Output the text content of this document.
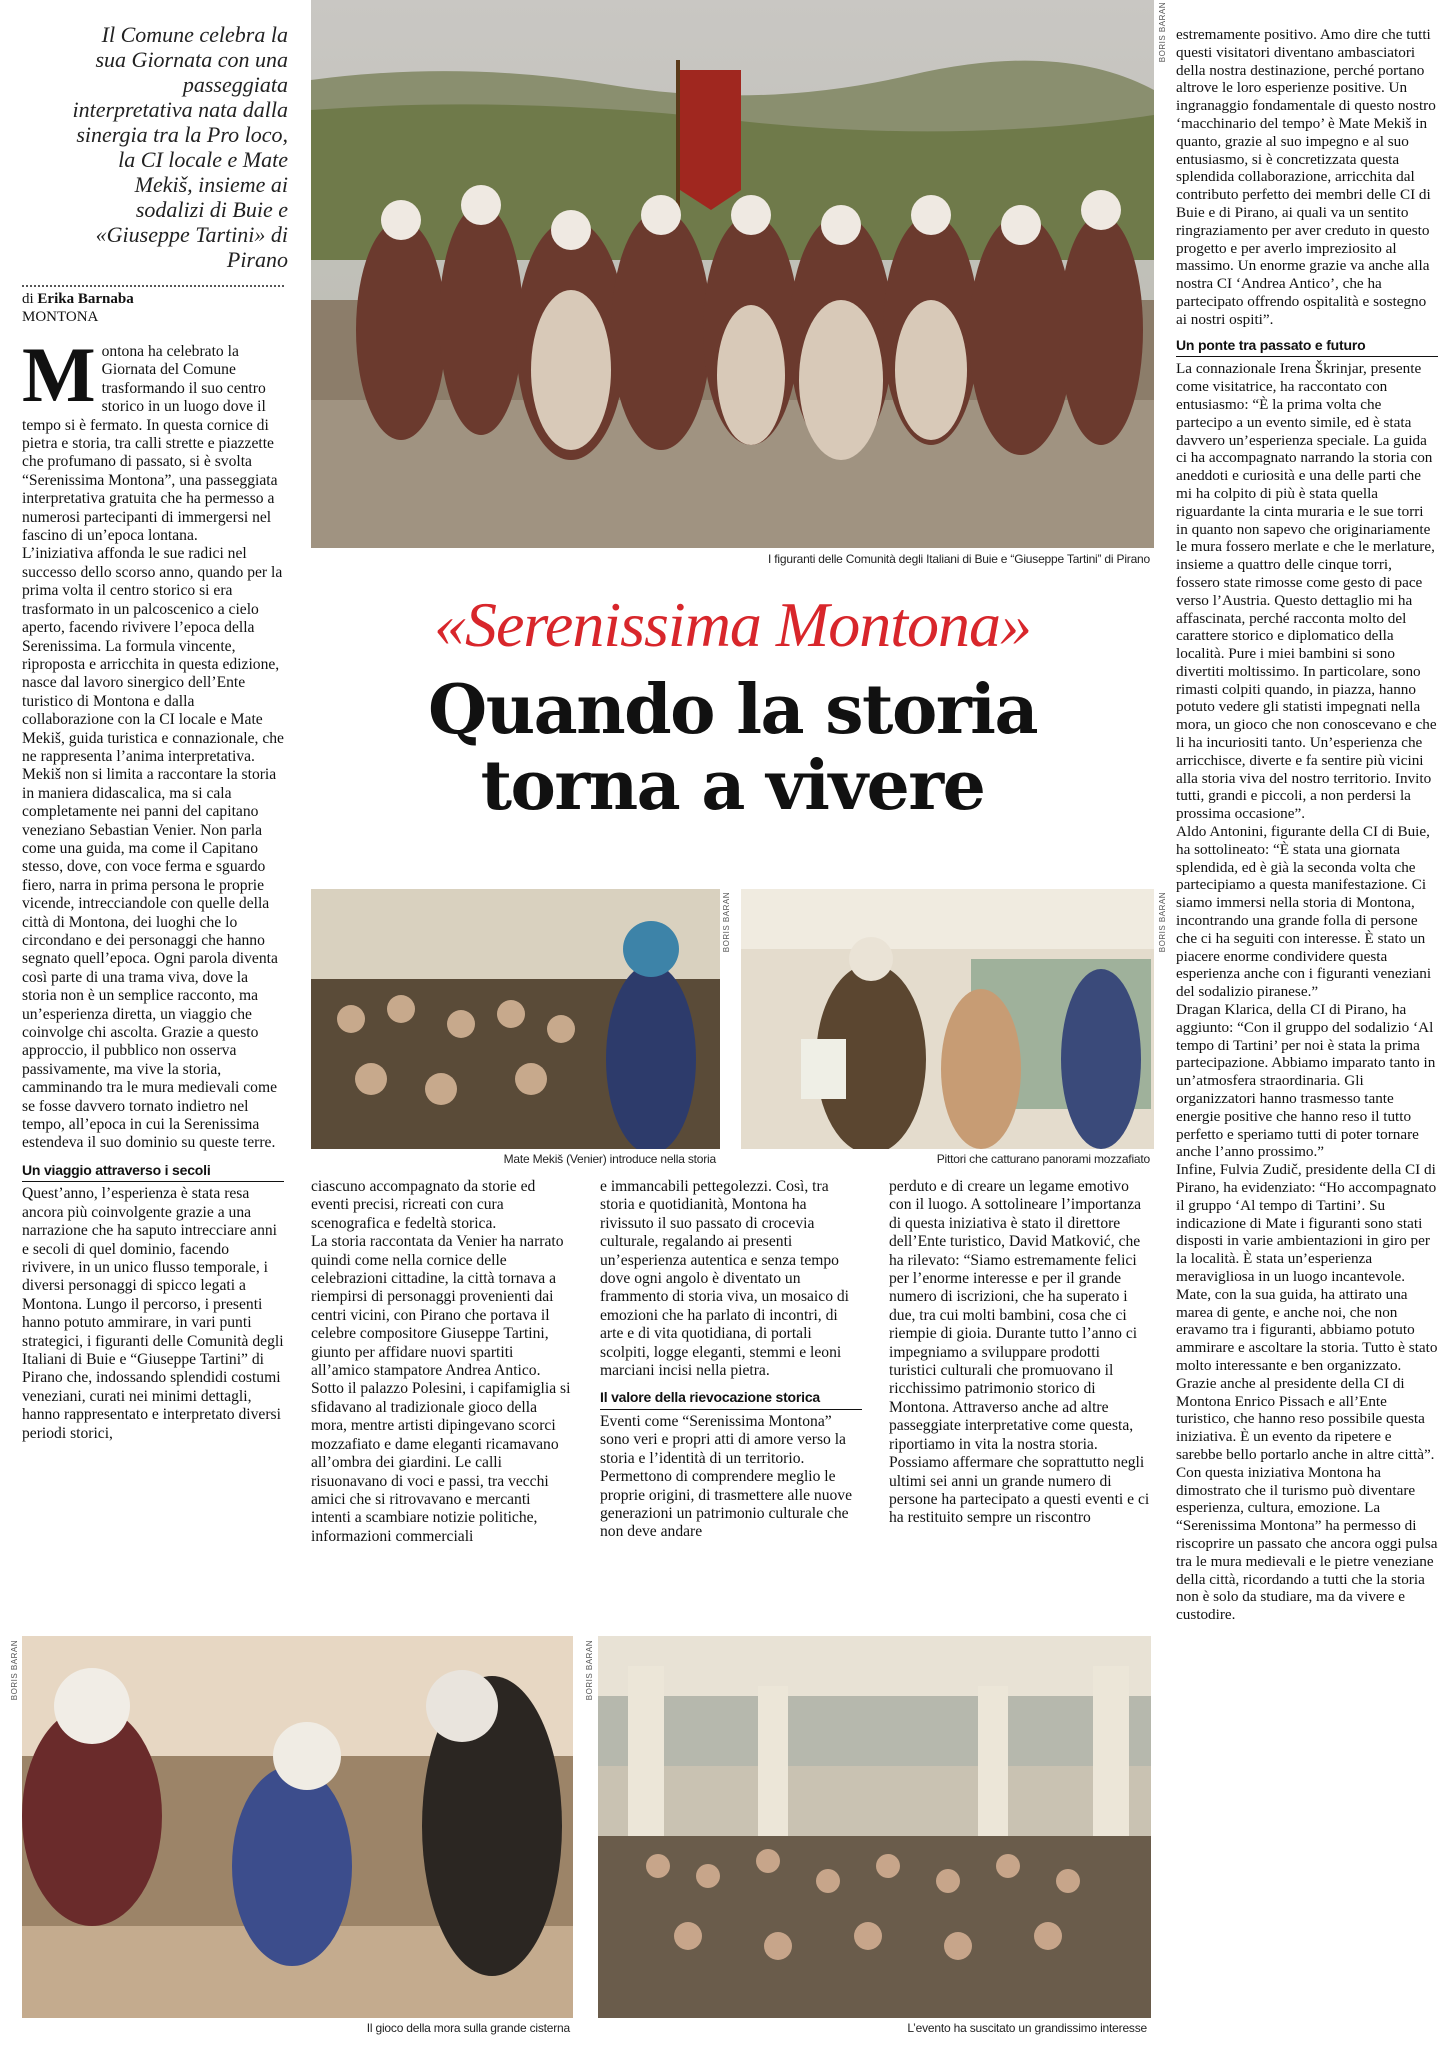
Il Comune celebra la sua Giornata con una passeggiata interpretativa nata dalla sinergia tra la Pro loco, la CI locale e Mate Mekiš, insieme ai sodalizi di Buie e «Giuseppe Tartini» di Pirano
di Erika Barnaba
MONTONA
I figuranti delle Comunità degli Italiani di Buie e “Giuseppe Tartini” di Pirano
BORIS BARAN
«Serenissima Montona»
Quando la storia
torna a vivere
BORIS BARAN
Mate Mekiš (Venier) introduce nella storia
BORIS BARAN
Pittori che catturano panorami mozzafiato
M ontona ha celebrato la Giornata del Comune trasformando il suo centro storico in un luogo dove il tempo si è fermato. In questa cornice di pietra e storia, tra calli strette e piazzette che profumano di passato, si è svolta “Serenissima Montona”, una passeggiata interpretativa gratuita che ha permesso a numerosi partecipanti di immergersi nel fascino di un’epoca lontana.

L’iniziativa affonda le sue radici nel successo dello scorso anno, quando per la prima volta il centro storico si era trasformato in un palcoscenico a cielo aperto, facendo rivivere l’epoca della Serenissima. La formula vincente, riproposta e arricchita in questa edizione, nasce dal lavoro sinergico dell’Ente turistico di Montona e dalla collaborazione con la CI locale e Mate Mekiš, guida turistica e connazionale, che ne rappresenta l’anima interpretativa.

Mekiš non si limita a raccontare la storia in maniera didascalica, ma si cala completamente nei panni del capitano veneziano Sebastian Venier. Non parla come una guida, ma come il Capitano stesso, dove, con voce ferma e sguardo fiero, narra in prima persona le proprie vicende, intrecciandole con quelle della città di Montona, dei luoghi che lo circondano e dei personaggi che hanno segnato quell’epoca. Ogni parola diventa così parte di una trama viva, dove la storia non è un semplice racconto, ma un’esperienza diretta, un viaggio che coinvolge chi ascolta. Grazie a questo approccio, il pubblico non osserva passivamente, ma vive la storia, camminando tra le mura medievali come se fosse davvero tornato indietro nel tempo, all’epoca in cui la Serenissima estendeva il suo dominio su queste terre.

Un viaggio attraverso i secoli

Quest’anno, l’esperienza è stata resa ancora più coinvolgente grazie a una narrazione che ha saputo intrecciare anni e secoli di quel dominio, facendo rivivere, in un unico flusso temporale, i diversi personaggi di spicco legati a Montona. Lungo il percorso, i presenti hanno potuto ammirare, in vari punti strategici, i figuranti delle Comunità degli Italiani di Buie e “Giuseppe Tartini” di Pirano che, indossando splendidi costumi veneziani, curati nei minimi dettagli, hanno rappresentato e interpretato diversi periodi storici,

ciascuno accompagnato da storie ed eventi precisi, ricreati con cura scenografica e fedeltà storica.

La storia raccontata da Venier ha narrato quindi come nella cornice delle celebrazioni cittadine, la città tornava a riempirsi di personaggi provenienti dai centri vicini, con Pirano che portava il celebre compositore Giuseppe Tartini, giunto per affidare nuovi spartiti all’amico stampatore Andrea Antico. Sotto il palazzo Polesini, i capifamiglia si sfidavano al tradizionale gioco della mora, mentre artisti dipingevano scorci mozzafiato e dame eleganti ricamavano all’ombra dei giardini. Le calli risuonavano di voci e passi, tra vecchi amici che si ritrovavano e mercanti intenti a scambiare notizie politiche, informazioni commerciali

e immancabili pettegolezzi. Così, tra storia e quotidianità, Montona ha rivissuto il suo passato di crocevia culturale, regalando ai presenti un’esperienza autentica e senza tempo dove ogni angolo è diventato un frammento di storia viva, un mosaico di emozioni che ha parlato di incontri, di arte e di vita quotidiana, di portali scolpiti, logge eleganti, stemmi e leoni marciani incisi nella pietra.

Il valore della rievocazione storica

Eventi come “Serenissima Montona” sono veri e propri atti di amore verso la storia e l’identità di un territorio. Permettono di comprendere meglio le proprie origini, di trasmettere alle nuove generazioni un patrimonio culturale che non deve andare

perduto e di creare un legame emotivo con il luogo. A sottolineare l’importanza di questa iniziativa è stato il direttore dell’Ente turistico, David Matković, che ha rilevato: “Siamo estremamente felici per l’enorme interesse e per il grande numero di iscrizioni, che ha superato i due, tra cui molti bambini, cosa che ci riempie di gioia. Durante tutto l’anno ci impegniamo a sviluppare prodotti turistici culturali che promuovano il ricchissimo patrimonio storico di Montona. Attraverso anche ad altre passeggiate interpretative come questa, riportiamo in vita la nostra storia. Possiamo affermare che soprattutto negli ultimi sei anni un grande numero di persone ha partecipato a questi eventi e ci ha restituito sempre un riscontro

estremamente positivo. Amo dire che tutti questi visitatori diventano ambasciatori della nostra destinazione, perché portano altrove le loro esperienze positive. Un ingranaggio fondamentale di questo nostro ‘macchinario del tempo’ è Mate Mekiš in quanto, grazie al suo impegno e al suo entusiasmo, si è concretizzata questa splendida collaborazione, arricchita dal contributo perfetto dei membri delle CI di Buie e di Pirano, ai quali va un sentito ringraziamento per aver creduto in questo progetto e per averlo impreziosito al massimo. Un enorme grazie va anche alla nostra CI ‘Andrea Antico’, che ha partecipato offrendo ospitalità e sostegno ai nostri ospiti”.

Un ponte tra passato e futuro

La connazionale Irena Škrinjar, presente come visitatrice, ha raccontato con entusiasmo: “È la prima volta che partecipo a un evento simile, ed è stata davvero un’esperienza speciale. La guida ci ha accompagnato narrando la storia con aneddoti e curiosità e una delle parti che mi ha colpito di più è stata quella riguardante la cinta muraria e le sue torri in quanto non sapevo che originariamente le mura fossero merlate e che le merlature, insieme a quattro delle cinque torri, fossero state rimosse come gesto di pace verso l’Austria. Questo dettaglio mi ha affascinata, perché racconta molto del carattere storico e diplomatico della località. Pure i miei bambini si sono divertiti moltissimo. In particolare, sono rimasti colpiti quando, in piazza, hanno potuto vedere gli statisti impegnati nella mora, un gioco che non conoscevano e che li ha incuriositi tanto. Un’esperienza che arricchisce, diverte e fa sentire più vicini alla storia viva del nostro territorio. Invito tutti, grandi e piccoli, a non perdersi la prossima occasione”.

Aldo Antonini, figurante della CI di Buie, ha sottolineato: “È stata una giornata splendida, ed è già la seconda volta che partecipiamo a questa manifestazione. Ci siamo immersi nella storia di Montona, incontrando una grande folla di persone che ci ha seguiti con interesse. È stato un piacere enorme condividere questa esperienza anche con i figuranti veneziani del sodalizio piranese.”

Dragan Klarica, della CI di Pirano, ha aggiunto: “Con il gruppo del sodalizio ‘Al tempo di Tartini’ per noi è stata la prima partecipazione. Abbiamo imparato tanto in un’atmosfera straordinaria. Gli organizzatori hanno trasmesso tante energie positive che hanno reso il tutto perfetto e speriamo tutti di poter tornare anche l’anno prossimo.”

Infine, Fulvia Zudič, presidente della CI di Pirano, ha evidenziato: “Ho accompagnato il gruppo ‘Al tempo di Tartini’. Su indicazione di Mate i figuranti sono stati disposti in varie ambientazioni in giro per la località. È stata un’esperienza meravigliosa in un luogo incantevole. Mate, con la sua guida, ha attirato una marea di gente, e anche noi, che non eravamo tra i figuranti, abbiamo potuto ammirare e ascoltare la storia. Tutto è stato molto interessante e ben organizzato. Grazie anche al presidente della CI di Montona Enrico Pissach e all’Ente turistico, che hanno reso possibile questa iniziativa. È un evento da ripetere e sarebbe bello portarlo anche in altre città”.

Con questa iniziativa Montona ha dimostrato che il turismo può diventare esperienza, cultura, emozione. La “Serenissima Montona” ha permesso di riscoprire un passato che ancora oggi pulsa tra le mura medievali e le pietre veneziane della città, ricordando a tutti che la storia non è solo da studiare, ma da vivere e custodire.

BORIS BARAN
Il gioco della mora sulla grande cisterna
BORIS BARAN
L’evento ha suscitato un grandissimo interesse
